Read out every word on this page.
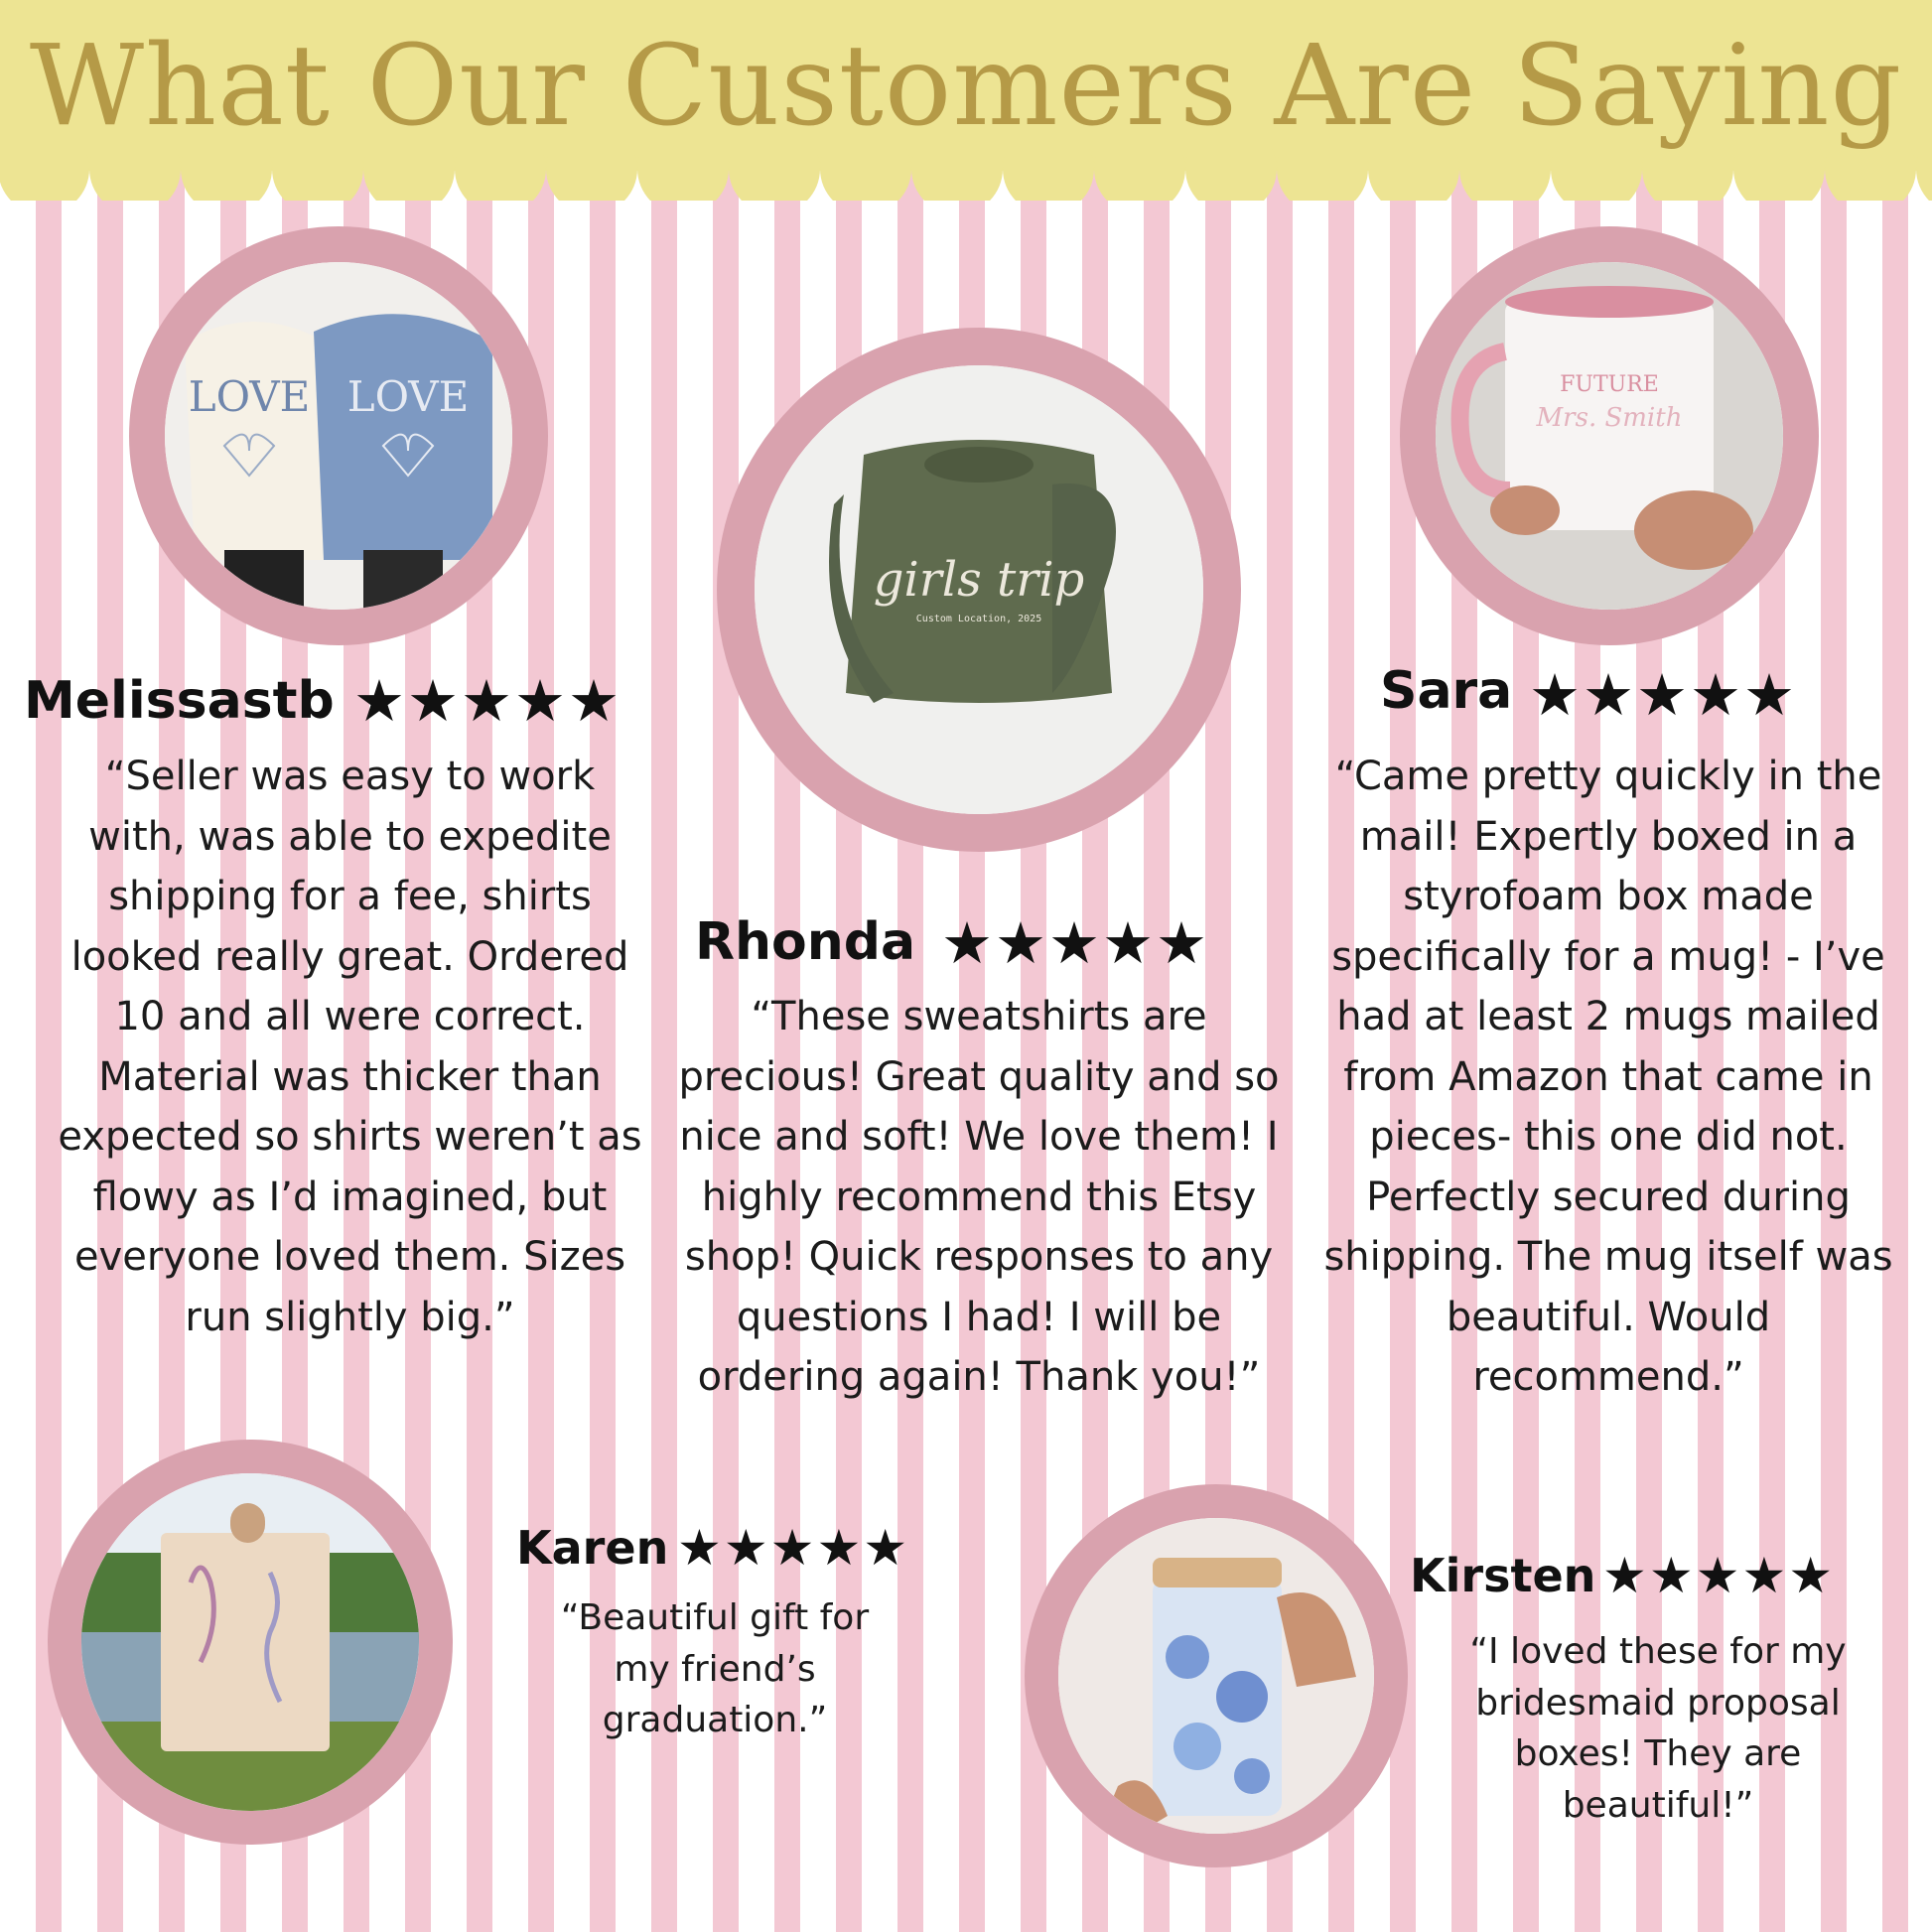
What Our Customers Are Saying
LOVE LOVE
girls trip
Custom Location, 2025
FUTURE
Mrs. Smith
Melissastb ★★★★★
“Seller was easy to work with, was able to expedite shipping for a fee, shirts looked really great. Ordered 10 and all were correct. Material was thicker than expected so shirts weren’t as flowy as I’d imagined, but everyone loved them. Sizes run slightly big.”
Rhonda ★★★★★
“These sweatshirts are precious! Great quality and so nice and soft! We love them! I highly recommend this Etsy shop! Quick responses to any questions I had! I will be ordering again! Thank you!”
Sara ★★★★★
“Came pretty quickly in the mail! Expertly boxed in a styrofoam box made specifically for a mug! - I’ve had at least 2 mugs mailed from Amazon that came in pieces- this one did not. Perfectly secured during shipping. The mug itself was beautiful. Would recommend.”
Karen ★★★★★
“Beautiful gift for my friend’s graduation.”
Kirsten ★★★★★
“I loved these for my bridesmaid proposal boxes! They are beautiful!”
